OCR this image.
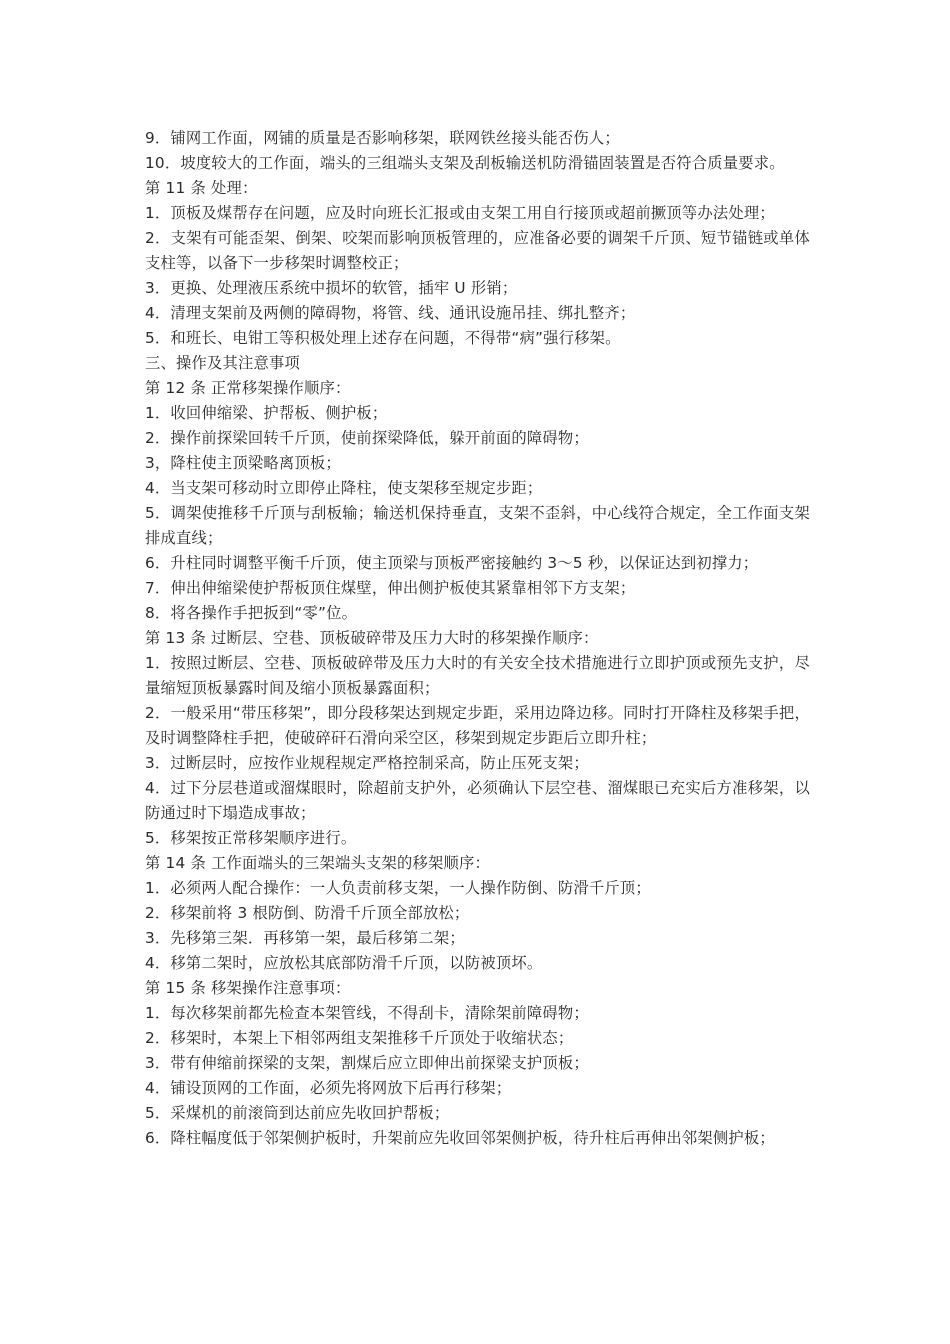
9．铺网工作面，网铺的质量是否影响移架，联网铁丝接头能否伤人；

10．坡度较大的工作面，端头的三组端头支架及刮板输送机防滑锚固装置是否符合质量要求。

第 11 条 处理：

1．顶板及煤帮存在问题，应及时向班长汇报或由支架工用自行接顶或超前撅顶等办法处理；

2．支架有可能歪架、倒架、咬架而影响顶板管理的，应准备必要的调架千斤顶、短节锚链或单体支柱等，以备下一步移架时调整校正；

3．更换、处理液压系统中损坏的软管，插牢 U 形销；

4．清理支架前及两侧的障碍物，将管、线、通讯设施吊挂、绑扎整齐；

5．和班长、电钳工等积极处理上述存在问题，不得带“病”强行移架。

三、操作及其注意事项

第 12 条 正常移架操作顺序：

1．收回伸缩梁、护帮板、侧护板；

2．操作前探梁回转千斤顶，使前探梁降低，躲开前面的障碍物；

3，降柱使主顶梁略离顶板；

4．当支架可移动时立即停止降柱，使支架移至规定步距；

5．调架使推移千斤顶与刮板输；输送机保持垂直，支架不歪斜，中心线符合规定，全工作面支架排成直线；

6．升柱同时调整平衡千斤顶，使主顶梁与顶板严密接触约 3～5 秒，以保证达到初撑力；

7．伸出伸缩梁使护帮板顶住煤壁，伸出侧护板使其紧靠相邻下方支架；

8．将各操作手把扳到“零”位。

第 13 条 过断层、空巷、顶板破碎带及压力大时的移架操作顺序：

1．按照过断层、空巷、顶板破碎带及压力大时的有关安全技术措施进行立即护顶或预先支护，尽量缩短顶板暴露时间及缩小顶板暴露面积；

2．一般采用“带压移架”，即分段移架达到规定步距，采用边降边移。同时打开降柱及移架手把，及时调整降柱手把，使破碎矸石滑向采空区，移架到规定步距后立即升柱；

3．过断层时，应按作业规程规定严格控制采高，防止压死支架；

4．过下分层巷道或溜煤眼时，除超前支护外，必须确认下层空巷、溜煤眼已充实后方准移架，以防通过时下塌造成事故；

5．移架按正常移架顺序进行。

第 14 条 工作面端头的三架端头支架的移架顺序：

1．必须两人配合操作：一人负责前移支架，一人操作防倒、防滑千斤顶；

2．移架前将 3 根防倒、防滑千斤顶全部放松；

3．先移第三架．再移第一架，最后移第二架；

4．移第二架时，应放松其底部防滑千斤顶，以防被顶坏。

第 15 条 移架操作注意事项：

1．每次移架前都先检查本架管线，不得刮卡，清除架前障碍物；

2．移架时，本架上下相邻两组支架推移千斤顶处于收缩状态；

3．带有伸缩前探梁的支架，割煤后应立即伸出前探梁支护顶板；

4．铺设顶网的工作面，必须先将网放下后再行移架；

5．采煤机的前滚筒到达前应先收回护帮板；

6．降柱幅度低于邻架侧护板时，升架前应先收回邻架侧护板，待升柱后再伸出邻架侧护板；
